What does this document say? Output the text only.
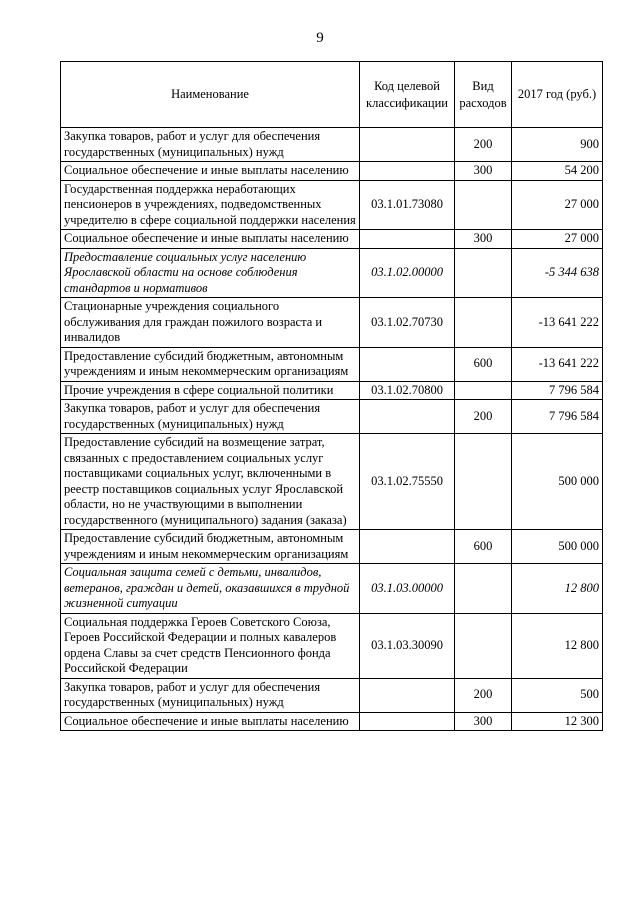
9
Наименование	Код целевой классификации	Вид расходов	2017 год (руб.)
Закупка товаров, работ и услуг для обеспечения государственных (муниципальных) нужд		200	900
Социальное обеспечение и иные выплаты населению		300	54 200
Государственная поддержка неработающих пенсионеров в учреждениях, подведомственных учредителю в сфере социальной поддержки населения	03.1.01.73080		27 000
Социальное обеспечение и иные выплаты населению		300	27 000
Предоставление социальных услуг населению Ярославской области на основе соблюдения стандартов и нормативов	03.1.02.00000		-5 344 638
Стационарные учреждения социального обслуживания для граждан пожилого возраста и инвалидов	03.1.02.70730		-13 641 222
Предоставление субсидий бюджетным, автономным учреждениям и иным некоммерческим организациям		600	-13 641 222
Прочие учреждения в сфере социальной политики	03.1.02.70800		7 796 584
Закупка товаров, работ и услуг для обеспечения государственных (муниципальных) нужд		200	7 796 584
Предоставление субсидий на возмещение затрат, связанных с предоставлением социальных услуг поставщиками социальных услуг, включенными в реестр поставщиков социальных услуг Ярославской области, но не участвующими в выполнении государственного (муниципального) задания (заказа)	03.1.02.75550		500 000
Предоставление субсидий бюджетным, автономным учреждениям и иным некоммерческим организациям		600	500 000
Социальная защита семей с детьми, инвалидов, ветеранов, граждан и детей, оказавшихся в трудной жизненной ситуации	03.1.03.00000		12 800
Социальная поддержка Героев Советского Союза, Героев Российской Федерации и полных кавалеров ордена Славы за счет средств Пенсионного фонда Российской Федерации	03.1.03.30090		12 800
Закупка товаров, работ и услуг для обеспечения государственных (муниципальных) нужд		200	500
Социальное обеспечение и иные выплаты населению		300	12 300
